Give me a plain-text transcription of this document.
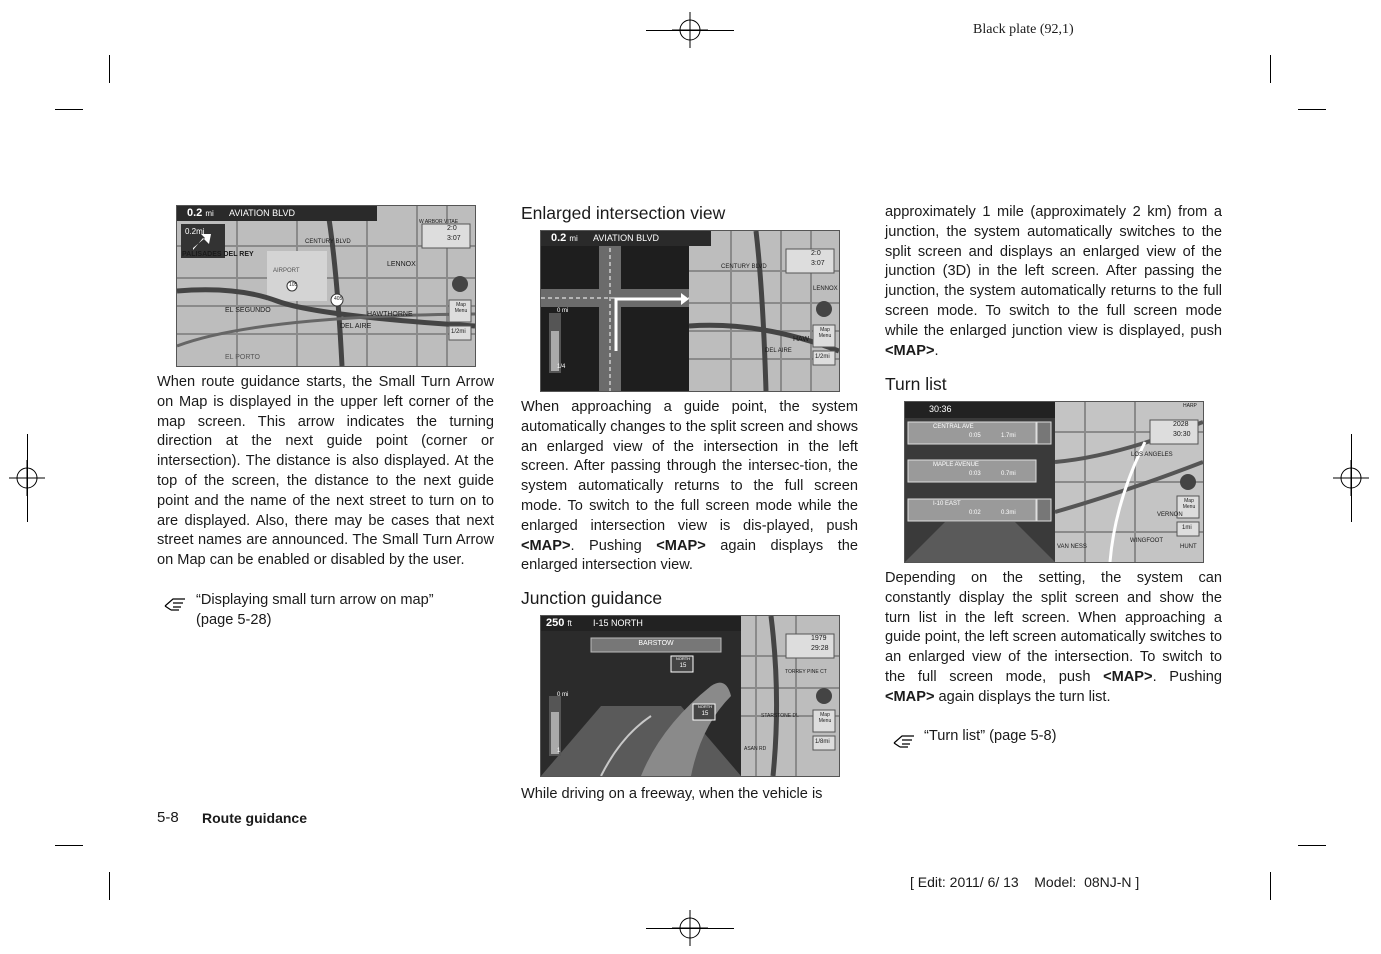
Black plate (92,1)
0.2 mi AVIATION BLVD
0.2mi
PALISADES DEL REY
CENTURY BLVD
LENNOX
EL SEGUNDO
HAWTHORNE
DEL AIRE
EL PORTO
AIRPORT
W ARBOR VITAE
405
105
2:0
3:07
Map Menu
1/2mi

When route guidance starts, the Small Turn Arrow on Map is displayed in the upper left corner of the map screen. This arrow indicates the turning direction at the next guide point (corner or intersection). The distance is also displayed. At the top of the screen, the distance to the next guide point and the name of the next street to turn on to are displayed. Also, there may be cases that next street names are announced. The Small Turn Arrow on Map can be enabled or disabled by the user.

“Displaying small turn arrow on map”
(page 5-28)
Enlarged intersection view
0.2 mi AVIATION BLVD
0 mi
1/4
CENTURY BLVD
LENNOX
HAW
DEL AIRE
2:0
3:07
Map Menu
1/2mi

When approaching a guide point, the system automatically changes to the split screen and shows an enlarged view of the intersection in the left screen. After passing through the intersec-tion, the system automatically returns to the full screen mode. To switch to the full screen mode while the enlarged intersection view is dis-played, push <MAP>. Pushing <MAP> again displays the enlarged intersection view.

Junction guidance
250 ft I-15 NORTH
BARSTOW
NORTH
15
NORTH
15
0 mi
1
TORREY PINE CT
STARSTONE DL
ASAN RD
1979
29:28
Map Menu
1/8mi

While driving on a freeway, when the vehicle is

approximately 1 mile (approximately 2 km) from a junction, the system automatically switches to the split screen and displays an enlarged view of the junction (3D) in the left screen. After passing the junction, the system automatically returns to the full screen mode. To switch to the full screen mode while the enlarged junction view is displayed, push <MAP>.

Turn list
30:36
CENTRAL AVE
0:05	1.7mi
MAPLE AVENUE
0:03	0.7mi
I-10 EAST
0:02	0.3mi
LOS ANGELES
VERNON
VAN NESS
WINGFOOT
HUNT
HARP
2028
30:30
Map Menu
1mi

Depending on the setting, the system can constantly display the split screen and show the turn list in the left screen. When approaching a guide point, the left screen automatically switches to an enlarged view of the intersection. To switch to the full screen mode, push <MAP>. Pushing <MAP> again displays the turn list.

“Turn list” (page 5-8)
5-8 Route guidance
[ Edit: 2011/ 6/ 13    Model:  08NJ-N ]
